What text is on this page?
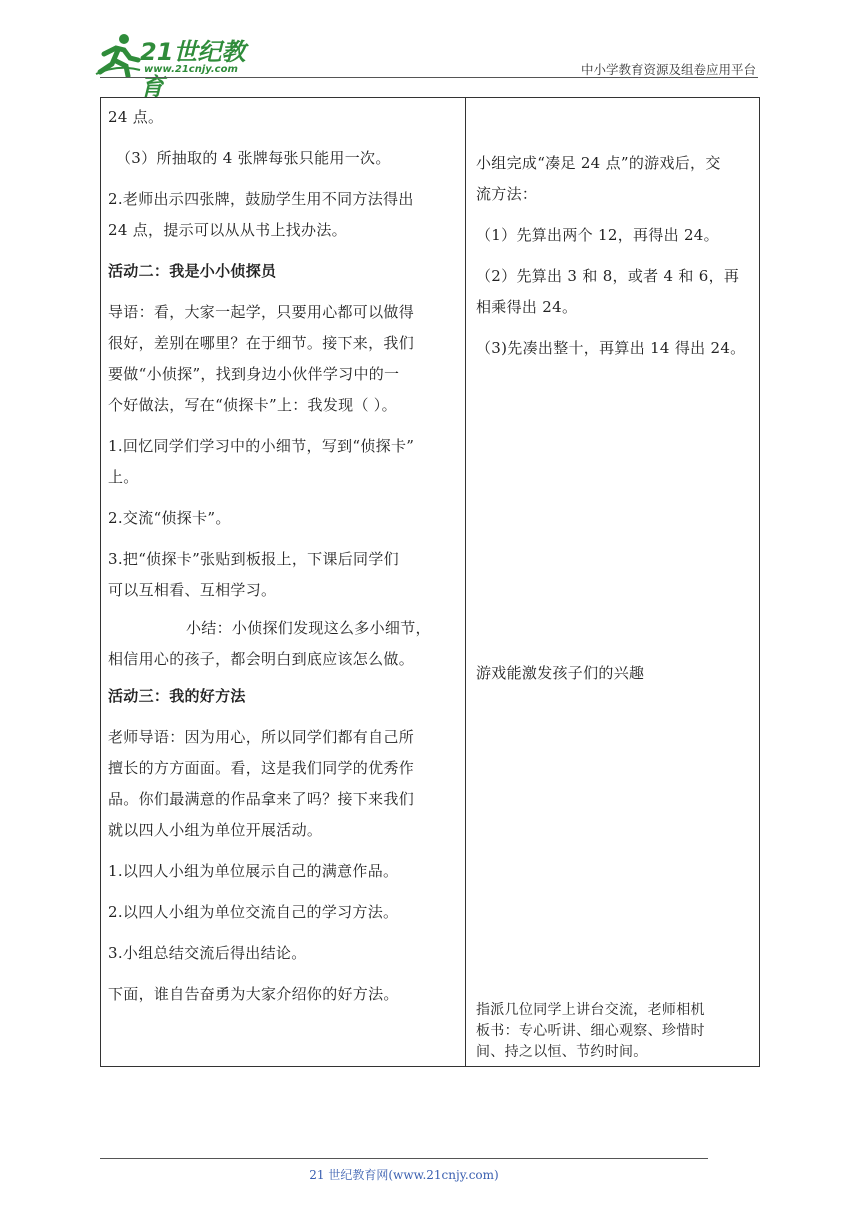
21世纪教育
www.21cnjy.com	中小学教育资源及组卷应用平台

24 点。

（3）所抽取的 4 张牌每张只能用一次。

2.老师出示四张牌，鼓励学生用不同方法得出

24 点，提示可以从从书上找办法。

活动二：我是小小侦探员

导语：看，大家一起学，只要用心都可以做得

很好，差别在哪里？在于细节。接下来，我们

要做“小侦探”，找到身边小伙伴学习中的一

个好做法，写在“侦探卡”上：我发现（ ）。

1.回忆同学们学习中的小细节，写到“侦探卡”

上。

2.交流“侦探卡”。

3.把“侦探卡”张贴到板报上，下课后同学们

可以互相看、互相学习。

小结：小侦探们发现这么多小细节，

相信用心的孩子，都会明白到底应该怎么做。

活动三：我的好方法

老师导语：因为用心，所以同学们都有自己所

擅长的方方面面。看，这是我们同学的优秀作

品。你们最满意的作品拿来了吗？接下来我们

就以四人小组为单位开展活动。

1.以四人小组为单位展示自己的满意作品。

2.以四人小组为单位交流自己的学习方法。

3.小组总结交流后得出结论。

下面，谁自告奋勇为大家介绍你的好方法。

小组完成“凑足 24 点”的游戏后，交

流方法：

（1）先算出两个 12，再得出 24。

（2）先算出 3 和 8，或者 4 和 6，再

相乘得出 24。

（3)先凑出整十，再算出 14 得出 24。

游戏能激发孩子们的兴趣

指派几位同学上讲台交流，老师相机

板书：专心听讲、细心观察、珍惜时

间、持之以恒、节约时间。

21 世纪教育网(www.21cnjy.com)
